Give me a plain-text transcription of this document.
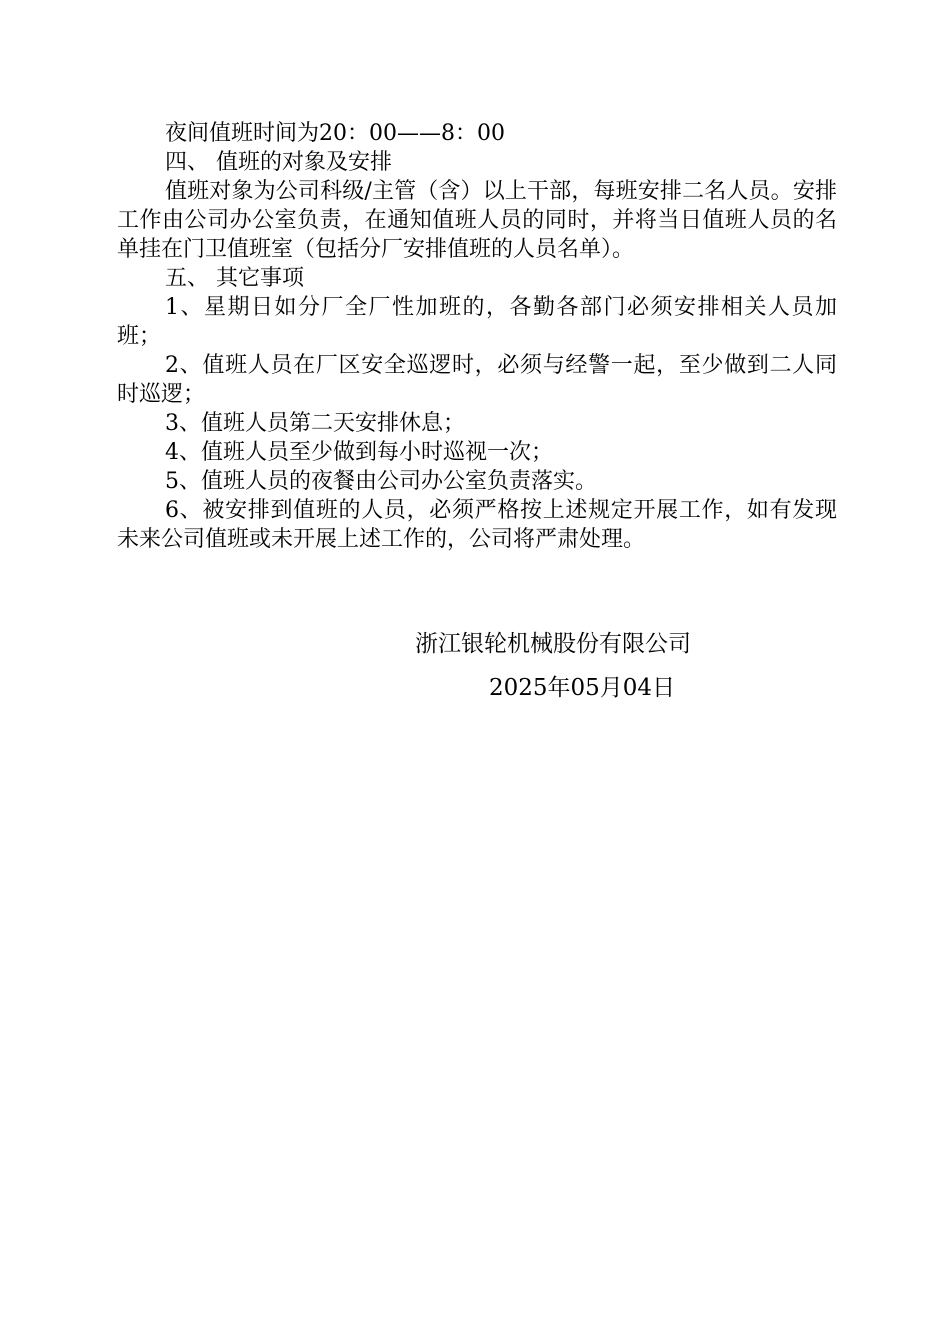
夜间值班时间为20：00——8：00

四、 值班的对象及安排

值班对象为公司科级/主管（含）以上干部，每班安排二名人员。安排工作由公司办公室负责，在通知值班人员的同时，并将当日值班人员的名单挂在门卫值班室（包括分厂安排值班的人员名单）。

五、 其它事项

1、星期日如分厂全厂性加班的，各勤各部门必须安排相关人员加班；

2、值班人员在厂区安全巡逻时，必须与经警一起，至少做到二人同时巡逻；

3、值班人员第二天安排休息；

4、值班人员至少做到每小时巡视一次；

5、值班人员的夜餐由公司办公室负责落实。

6、被安排到值班的人员，必须严格按上述规定开展工作，如有发现未来公司值班或未开展上述工作的，公司将严肃处理。

浙江银轮机械股份有限公司
2025年05月04日
